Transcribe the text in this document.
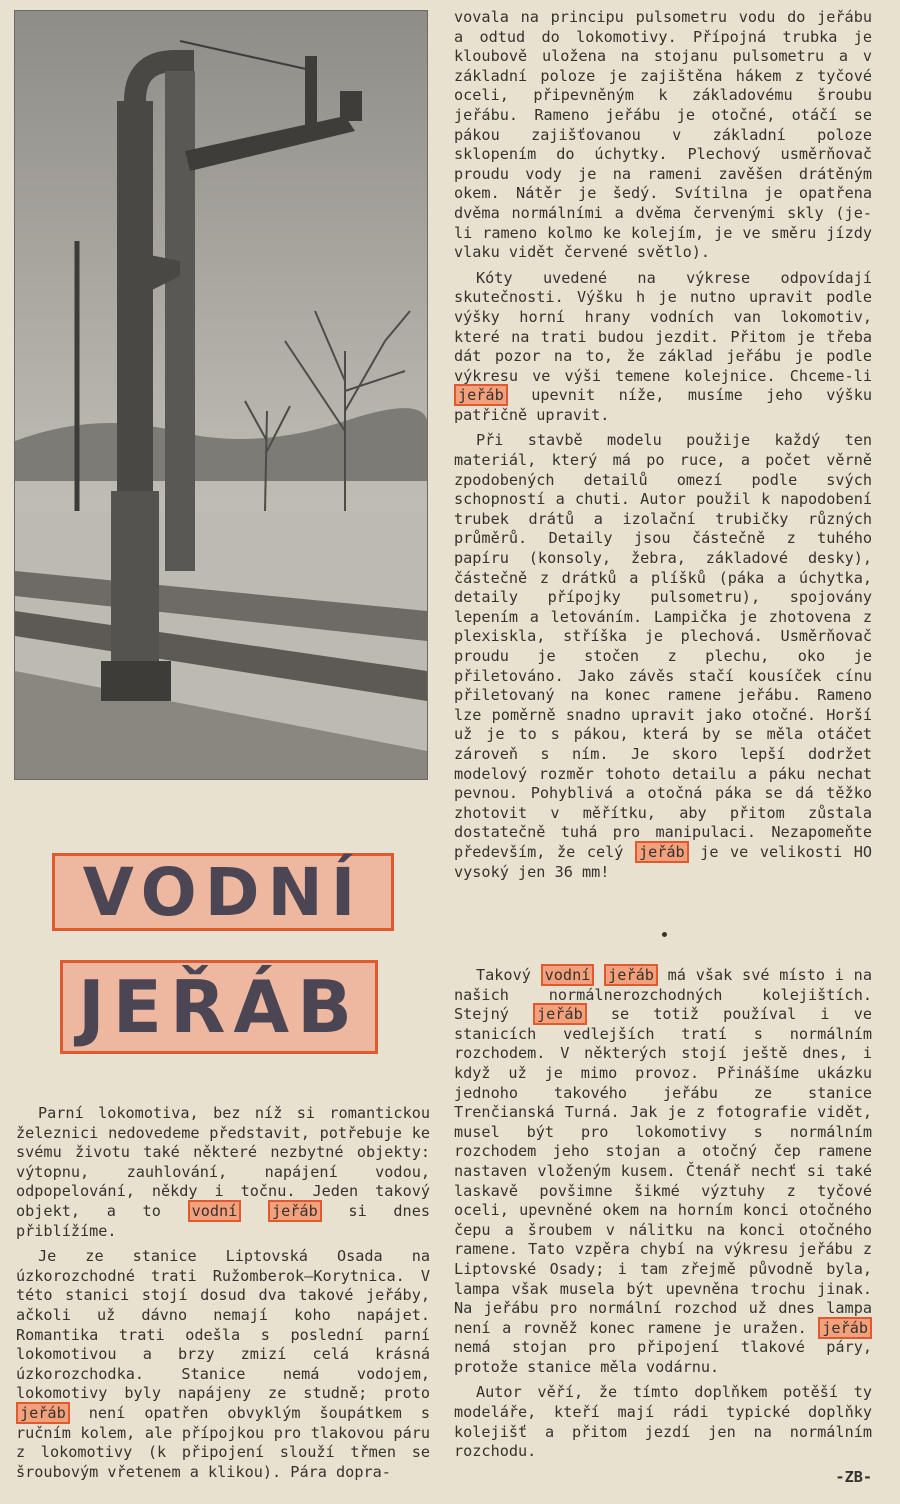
VODNÍ
JEŘÁB

Parní lokomotiva, bez níž si romantickou železnici nedovedeme představit, potřebuje ke svému životu také některé nezbytné objekty: výtopnu, zauhlování, napájení vodou, odpopelování, někdy i točnu. Jeden takový objekt, a to vodní jeřáb si dnes přiblížíme.

Je ze stanice Liptovská Osada na úzkorozchodné trati Ružomberok—Korytnica. V této stanici stojí dosud dva takové jeřáby, ačkoli už dávno nemají koho napájet. Romantika trati odešla s poslední parní lokomotivou a brzy zmizí celá krásná úzkorozchodka. Stanice nemá vodojem, lokomotivy byly napájeny ze studně; proto jeřáb není opatřen obvyklým šoupátkem s ručním kolem, ale přípojkou pro tlakovou páru z lokomotivy (k připojení slouží třmen se šroubovým vřetenem a klikou). Pára dopra-

vovala na principu pulsometru vodu do jeřábu a odtud do lokomotivy. Přípojná trubka je kloubově uložena na stojanu pulsometru a v základní poloze je zajištěna hákem z tyčové oceli, připevněným k základovému šroubu jeřábu. Rameno jeřábu je otočné, otáčí se pákou zajišťovanou v základní poloze sklopením do úchytky. Plechový usměrňovač proudu vody je na rameni zavěšen drátěným okem. Nátěr je šedý. Svítilna je opatřena dvěma normálními a dvěma červenými skly (je-li rameno kolmo ke kolejím, je ve směru jízdy vlaku vidět červené světlo).

Kóty uvedené na výkrese odpovídají skutečnosti. Výšku h je nutno upravit podle výšky horní hrany vodních van lokomotiv, které na trati budou jezdit. Přitom je třeba dát pozor na to, že základ jeřábu je podle výkresu ve výši temene kolejnice. Chceme-li jeřáb upevnit níže, musíme jeho výšku patřičně upravit.

Při stavbě modelu použije každý ten materiál, který má po ruce, a počet věrně zpodobených detailů omezí podle svých schopností a chuti. Autor použil k napodobení trubek drátů a izolační trubičky různých průměrů. Detaily jsou částečně z tuhého papíru (konsoly, žebra, základové desky), částečně z drátků a plíšků (páka a úchytka, detaily přípojky pulsometru), spojovány lepením a letováním. Lampička je zhotovena z plexiskla, stříška je plechová. Usměrňovač proudu je stočen z plechu, oko je přiletováno. Jako závěs stačí kousíček cínu přiletovaný na konec ramene jeřábu. Rameno lze poměrně snadno upravit jako otočné. Horší už je to s pákou, která by se měla otáčet zároveň s ním. Je skoro lepší dodržet modelový rozměr tohoto detailu a páku nechat pevnou. Pohyblivá a otočná páka se dá těžko zhotovit v měřítku, aby přitom zůstala dostatečně tuhá pro manipulaci. Nezapomeňte především, že celý jeřáb je ve velikosti HO vysoký jen 36 mm!

Takový vodní jeřáb má však své místo i na našich normálnerozchodných kolejištích. Stejný jeřáb se totiž používal i ve stanicích vedlejších tratí s normálním rozchodem. V některých stojí ještě dnes, i když už je mimo provoz. Přinášíme ukázku jednoho takového jeřábu ze stanice Trenčianská Turná. Jak je z fotografie vidět, musel být pro lokomotivy s normálním rozchodem jeho stojan a otočný čep ramene nastaven vloženým kusem. Čtenář nechť si také laskavě povšimne šikmé výztuhy z tyčové oceli, upevněné okem na horním konci otočného čepu a šroubem v nálitku na konci otočného ramene. Tato vzpěra chybí na výkresu jeřábu z Liptovské Osady; i tam zřejmě původně byla, lampa však musela být upevněna trochu jinak. Na jeřábu pro normální rozchod už dnes lampa není a rovněž konec ramene je uražen. jeřáb nemá stojan pro připojení tlakové páry, protože stanice měla vodárnu.

Autor věří, že tímto doplňkem potěší ty modeláře, kteří mají rádi typické doplňky kolejišť a přitom jezdí jen na normálním rozchodu.

-ZB-
